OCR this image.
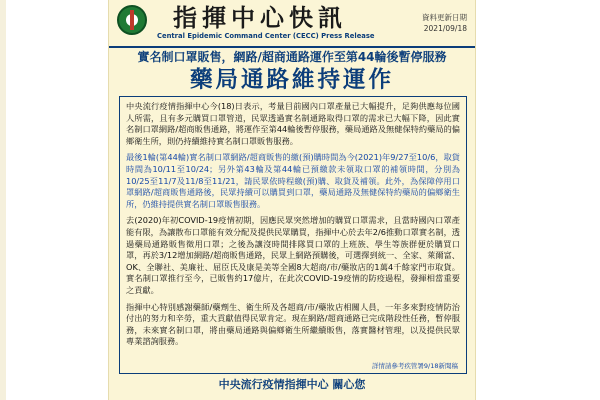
指揮中心快訊
Central Epidemic Command Center (CECC) Press Release
資料更新日期
2021/09/18
實名制口罩販售，網路/超商通路運作至第44輪後暫停服務
藥局通路維持運作

中央流行疫情指揮中心今(18)日表示，考量目前國內口罩產量已大幅提升，足夠供應每位國人所需，且有多元購買口罩管道，民眾透過實名制通路取得口罩的需求已大幅下降，因此實名制口罩網路/超商販售通路，將運作至第44輪後暫停服務，藥局通路及無健保特約藥局的偏鄉衛生所，則仍持續維持實名制口罩販售服務。

最後1輪(第44輪)實名制口罩網路/超商販售的繳(預)購時間為今(2021)年9/27至10/6，取貨時間為10/11至10/24；另外第43輪及第44輪已預繳款未領取口罩的補領時間，分別為10/25至11/7及11/8至11/21，請民眾依時程繳(預)購、取貨及補領。此外，為保障停用口罩網路/超商販售通路後，民眾持續可以購買到口罩，藥局通路及無健保特約藥局的偏鄉衛生所，仍維持提供實名制口罩販售服務。

去(2020)年初COVID-19疫情初期，因應民眾突然增加的購買口罩需求，且當時國內口罩產能有限，為讓散布口罩能有效分配及提供民眾購買，指揮中心於去年2/6推動口罩實名制，透過藥局通路販售徵用口罩；之後為讓沒時間排隊買口罩的上班族、學生等族群便於購買口罩，再於3/12增加網路/超商販售通路，民眾上網路預購後，可選擇到統一、全家、萊爾富、OK、全聯社、美廉社、屈臣氏及康是美等全國8大超商/市/藥妝店的1萬4千餘家門市取貨。實名制口罩推行至今，已販售約17億片，在此次COVID-19疫情的防疫過程，發揮相當重要之貢獻。

指揮中心特別感謝藥師/藥劑生、衛生所及各超商/市/藥妝店相關人員，一年多來對疫情防治付出的努力和辛勞，重大貢獻值得民眾肯定。現在網路/超商通路已完成階段性任務，暫停服務，未來實名制口罩，將由藥局通路與偏鄉衛生所繼續販售，落實醫材管理，以及提供民眾專業諮詢服務。

詳情請參考疾管署9/18新聞稿
中央流行疫情指揮中心 關心您
